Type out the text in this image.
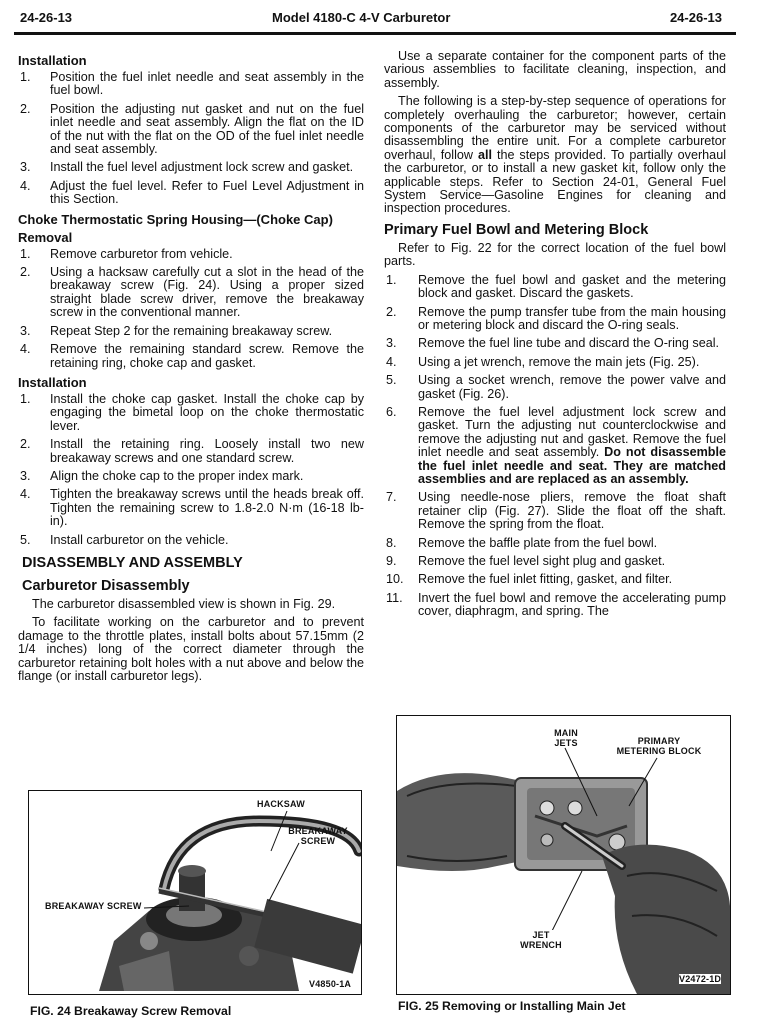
24-26-13	Model 4180-C 4-V Carburetor	24-26-13
Installation
1. Position the fuel inlet needle and seat assembly in the fuel bowl.
2. Position the adjusting nut gasket and nut on the fuel inlet needle and seat assembly. Align the flat on the ID of the nut with the flat on the OD of the fuel inlet needle and seat assembly.
3. Install the fuel level adjustment lock screw and gasket.
4. Adjust the fuel level. Refer to Fuel Level Adjustment in this Section.
Choke Thermostatic Spring Housing—(Choke Cap)
Removal
1. Remove carburetor from vehicle.
2. Using a hacksaw carefully cut a slot in the head of the breakaway screw (Fig. 24). Using a proper sized straight blade screw driver, remove the breakaway screw in the conventional manner.
3. Repeat Step 2 for the remaining breakaway screw.
4. Remove the remaining standard screw. Remove the retaining ring, choke cap and gasket.
Installation
1. Install the choke cap gasket. Install the choke cap by engaging the bimetal loop on the choke thermostatic lever.
2. Install the retaining ring. Loosely install two new breakaway screws and one standard screw.
3. Align the choke cap to the proper index mark.
4. Tighten the breakaway screws until the heads break off. Tighten the remaining screw to 1.8-2.0 N·m (16-18 lb-in).
5. Install carburetor on the vehicle.
DISASSEMBLY AND ASSEMBLY
Carburetor Disassembly

The carburetor disassembled view is shown in Fig. 29.

To facilitate working on the carburetor and to prevent damage to the throttle plates, install bolts about 57.15mm (2 1/4 inches) long of the correct diameter through the carburetor retaining bolt holes with a nut above and below the flange (or install carburetor legs).

Use a separate container for the component parts of the various assemblies to facilitate cleaning, inspection, and assembly.

The following is a step-by-step sequence of operations for completely overhauling the carburetor; however, certain components of the carburetor may be serviced without disassembling the entire unit. For a complete carburetor overhaul, follow all the steps provided. To partially overhaul the carburetor, or to install a new gasket kit, follow only the applicable steps. Refer to Section 24-01, General Fuel System Service—Gasoline Engines for cleaning and inspection procedures.

Primary Fuel Bowl and Metering Block

Refer to Fig. 22 for the correct location of the fuel bowl parts.

1. Remove the fuel bowl and gasket and the metering block and gasket. Discard the gaskets.
2. Remove the pump transfer tube from the main housing or metering block and discard the O-ring seals.
3. Remove the fuel line tube and discard the O-ring seal.
4. Using a jet wrench, remove the main jets (Fig. 25).
5. Using a socket wrench, remove the power valve and gasket (Fig. 26).
6. Remove the fuel level adjustment lock screw and gasket. Turn the adjusting nut counterclockwise and remove the adjusting nut and gasket. Remove the fuel inlet needle and seat assembly. Do not disassemble the fuel inlet needle and seat. They are matched assemblies and are replaced as an assembly.
7. Using needle-nose pliers, remove the float shaft retainer clip (Fig. 27). Slide the float off the shaft. Remove the spring from the float.
8. Remove the baffle plate from the fuel bowl.
9. Remove the fuel level sight plug and gasket.
10. Remove the fuel inlet fitting, gasket, and filter.
11. Invert the fuel bowl and remove the accelerating pump cover, diaphragm, and spring. The
HACKSAW
BREAKAWAY SCREW
BREAKAWAY SCREW
V4850-1A
FIG. 24 Breakaway Screw Removal
MAIN JETS	PRIMARY METERING BLOCK
JET WRENCH
V2472-1D
FIG. 25 Removing or Installing Main Jet
